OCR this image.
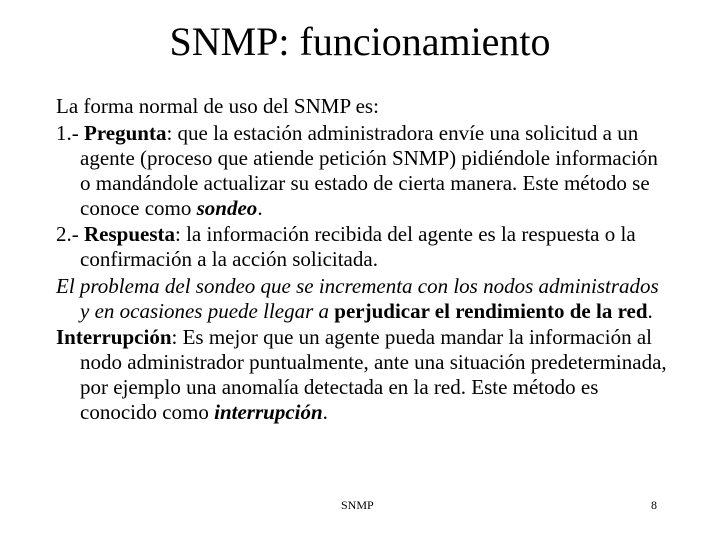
SNMP: funcionamiento

La forma normal de uso del SNMP es:

1.- Pregunta: que la estación administradora envíe una solicitud a un agente (proceso que atiende petición SNMP) pidiéndole información o mandándole actualizar su estado de cierta manera. Este método se conoce como sondeo.

2.- Respuesta: la información recibida del agente es la respuesta o la confirmación a la acción solicitada.

El problema del sondeo que se incrementa con los nodos administrados y en ocasiones puede llegar a perjudicar el rendimiento de la red.

Interrupción: Es mejor que un agente pueda mandar la información al nodo administrador puntualmente, ante una situación predeterminada, por ejemplo una anomalía detectada en la red. Este método es conocido como interrupción.

SNMP	8
